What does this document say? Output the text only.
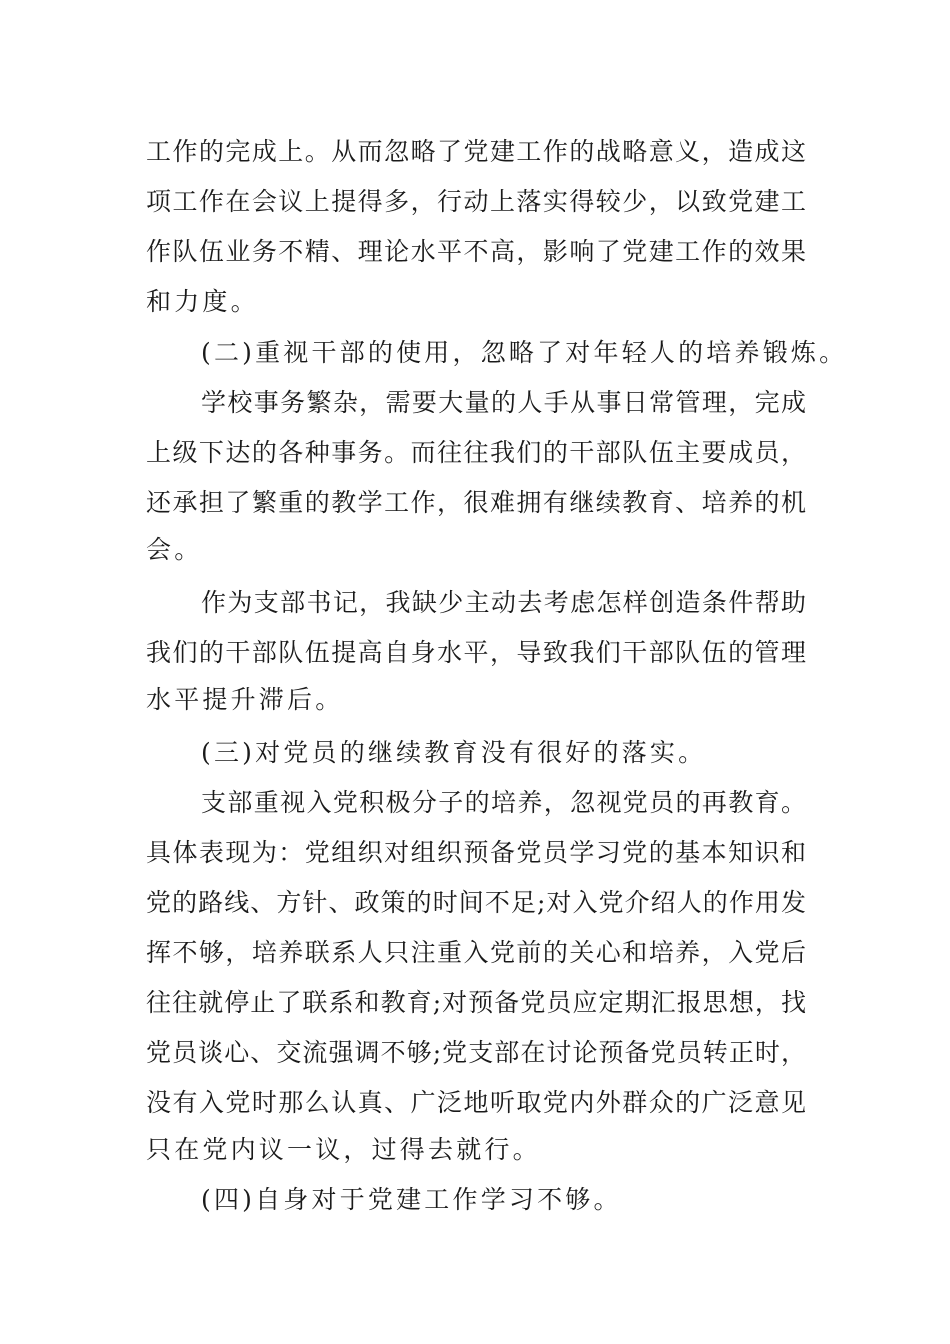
工作的完成上。从而忽略了党建工作的战略意义，造成这
项工作在会议上提得多，行动上落实得较少，以致党建工
作队伍业务不精、理论水平不高，影响了党建工作的效果
和力度。
(二)重视干部的使用，忽略了对年轻人的培养锻炼。
学校事务繁杂，需要大量的人手从事日常管理，完成
上级下达的各种事务。而往往我们的干部队伍主要成员，
还承担了繁重的教学工作，很难拥有继续教育、培养的机
会。
作为支部书记，我缺少主动去考虑怎样创造条件帮助
我们的干部队伍提高自身水平，导致我们干部队伍的管理
水平提升滞后。
(三)对党员的继续教育没有很好的落实。
支部重视入党积极分子的培养，忽视党员的再教育。
具体表现为：党组织对组织预备党员学习党的基本知识和
党的路线、方针、政策的时间不足;对入党介绍人的作用发
挥不够，培养联系人只注重入党前的关心和培养，入党后
往往就停止了联系和教育;对预备党员应定期汇报思想，找
党员谈心、交流强调不够;党支部在讨论预备党员转正时，
没有入党时那么认真、广泛地听取党内外群众的广泛意见
只在党内议一议，过得去就行。
(四)自身对于党建工作学习不够。
